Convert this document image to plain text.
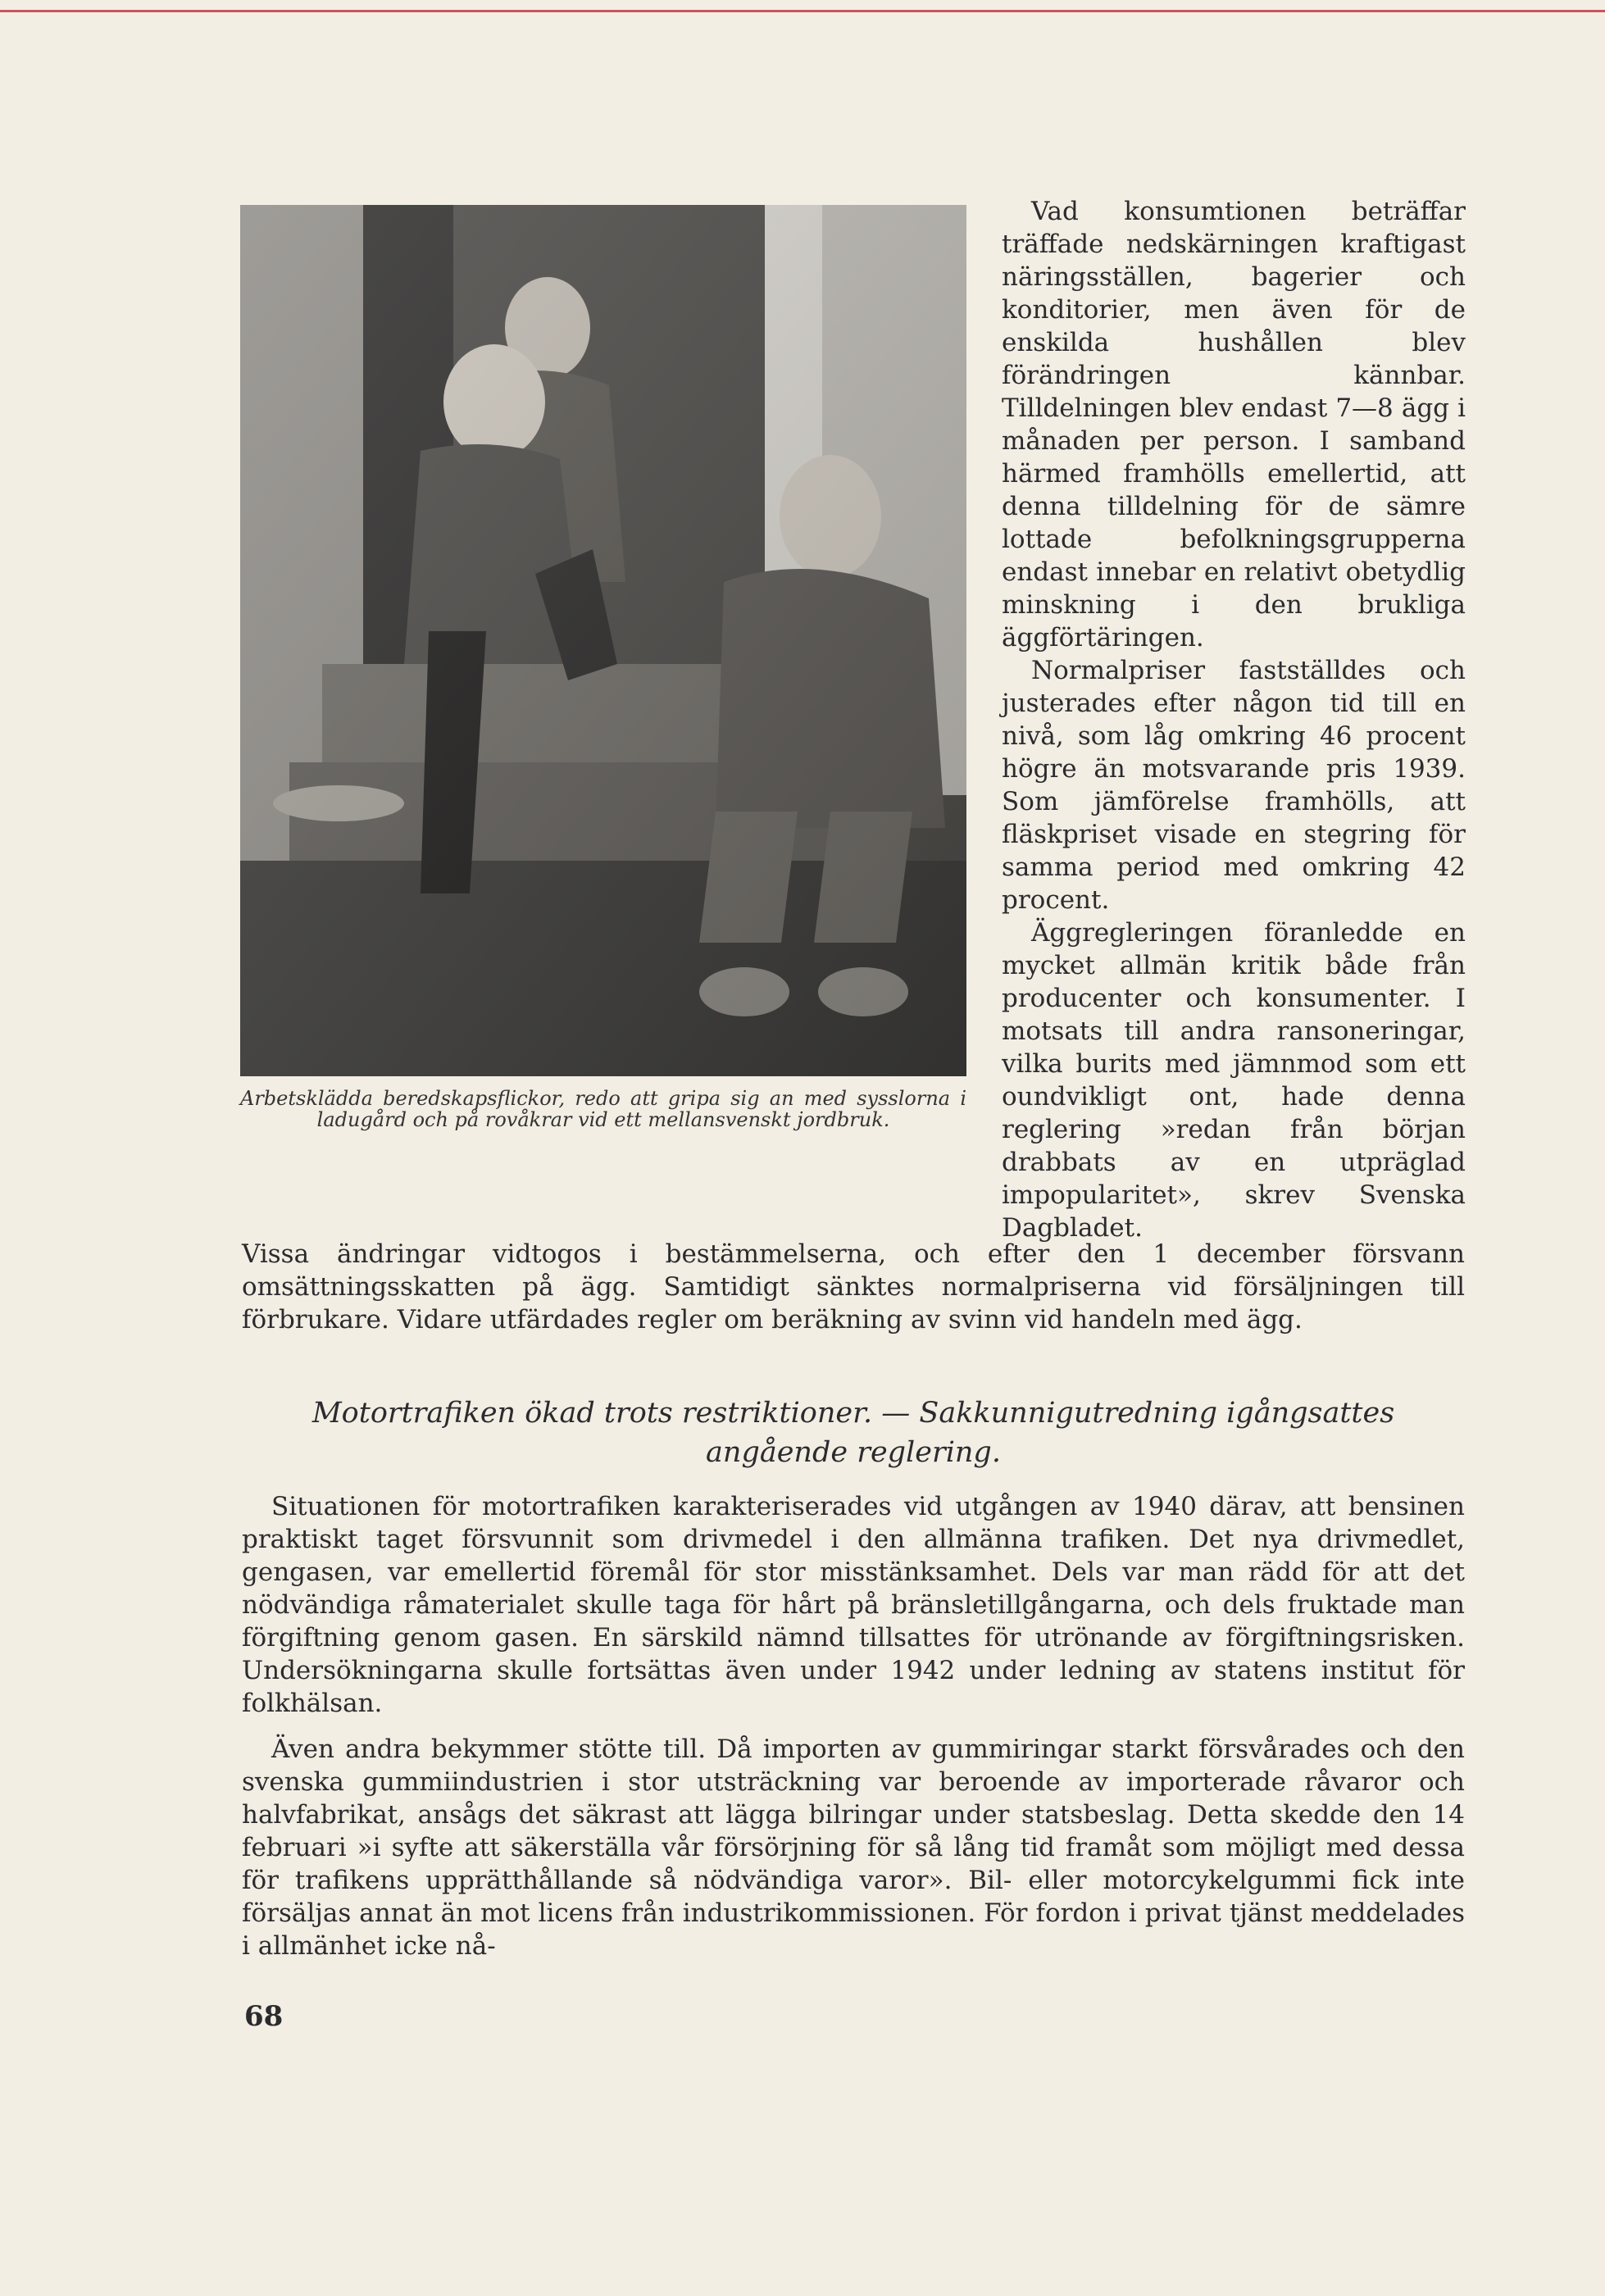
Arbetsklädda beredskapsflickor, redo att gripa sig an med sysslorna i ladugård och på rovåkrar vid ett mellansvenskt jordbruk.

Vad konsumtionen beträffar träffade nedskärningen kraftigast näringsställen, bagerier och konditorier, men även för de enskilda hushållen blev förändringen kännbar. Tilldelningen blev endast 7—8 ägg i månaden per person. I samband härmed framhölls emellertid, att denna tilldelning för de sämre lottade befolkningsgrupperna endast innebar en relativt obetydlig minskning i den brukliga äggförtäringen.

Normalpriser fastställdes och justerades efter någon tid till en nivå, som låg omkring 46 procent högre än motsvarande pris 1939. Som jämförelse framhölls, att fläskpriset visade en stegring för samma period med omkring 42 procent.

Äggregleringen föranledde en mycket allmän kritik både från producenter och konsumenter. I motsats till andra ransoneringar, vilka burits med jämnmod som ett oundvikligt ont, hade denna reglering »redan från början drabbats av en utpräglad impopularitet», skrev Svenska Dagbladet.

Vissa ändringar vidtogos i bestämmelserna, och efter den 1 december försvann omsättningsskatten på ägg. Samtidigt sänktes normalpriserna vid försäljningen till förbrukare. Vidare utfärdades regler om beräkning av svinn vid handeln med ägg.

Motortrafiken ökad trots restriktioner. — Sakkunnigutredning igångsattes angående reglering.

Situationen för motortrafiken karakteriserades vid utgången av 1940 därav, att bensinen praktiskt taget försvunnit som drivmedel i den allmänna trafiken. Det nya drivmedlet, gengasen, var emellertid föremål för stor misstänksamhet. Dels var man rädd för att det nödvändiga råmaterialet skulle taga för hårt på bränsletillgångarna, och dels fruktade man förgiftning genom gasen. En särskild nämnd tillsattes för utrönande av förgiftningsrisken. Undersökningarna skulle fortsättas även under 1942 under ledning av statens institut för folkhälsan.

Även andra bekymmer stötte till. Då importen av gummiringar starkt försvårades och den svenska gummiindustrien i stor utsträckning var beroende av importerade råvaror och halvfabrikat, ansågs det säkrast att lägga bilringar under statsbeslag. Detta skedde den 14 februari »i syfte att säkerställa vår försörjning för så lång tid framåt som möjligt med dessa för trafikens upprätthållande så nödvändiga varor». Bil- eller motorcykelgummi fick inte försäljas annat än mot licens från industrikommissionen. För fordon i privat tjänst meddelades i allmänhet icke nå-

68
